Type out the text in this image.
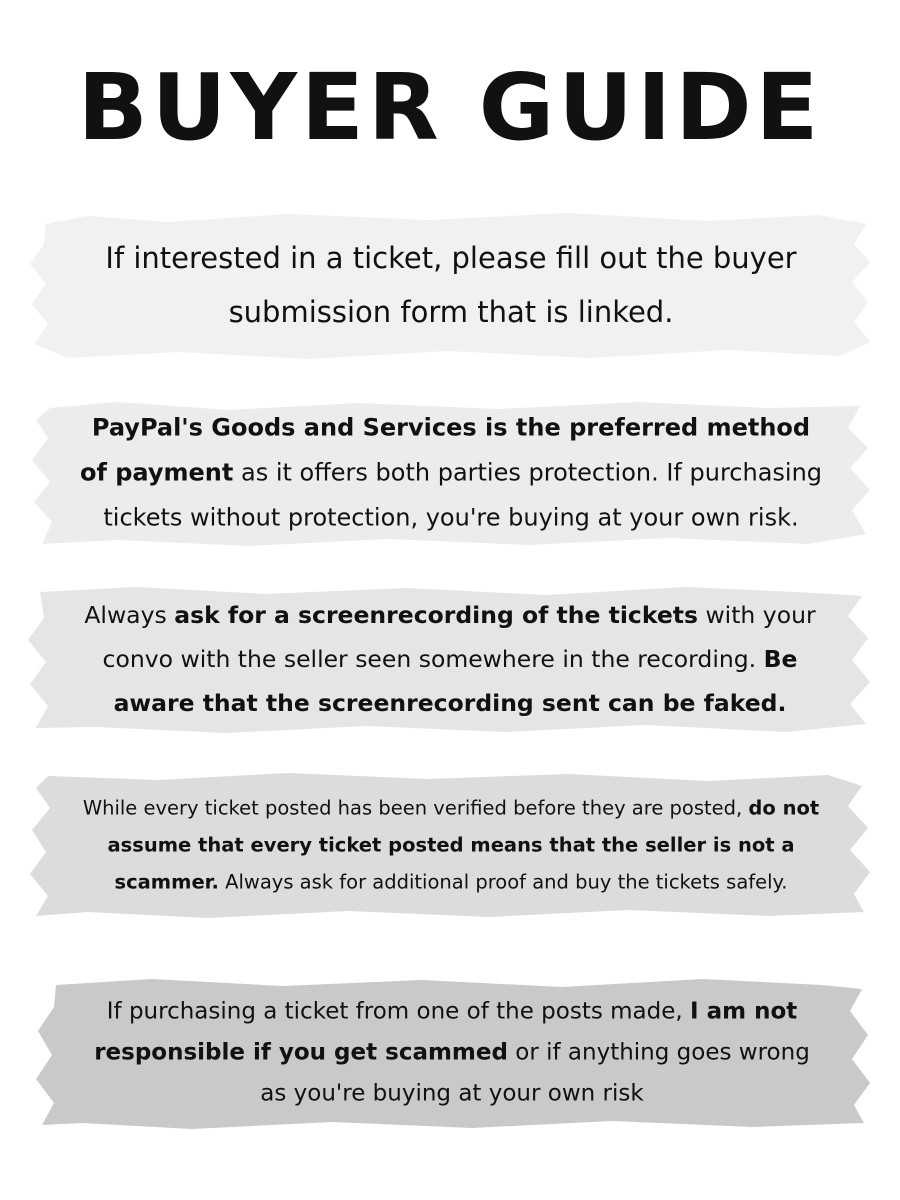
BUYER GUIDE
If interested in a ticket, please fill out the buyer
submission form that is linked.
PayPal's Goods and Services is the preferred method of payment as it offers both parties protection. If purchasing tickets without protection, you're buying at your own risk.
Always ask for a screenrecording of the tickets with your convo with the seller seen somewhere in the recording. Be aware that the screenrecording sent can be faked.
While every ticket posted has been verified before they are posted, do not assume that every ticket posted means that the seller is not a scammer. Always ask for additional proof and buy the tickets safely.
If purchasing a ticket from one of the posts made, I am not responsible if you get scammed or if anything goes wrong as you're buying at your own risk
